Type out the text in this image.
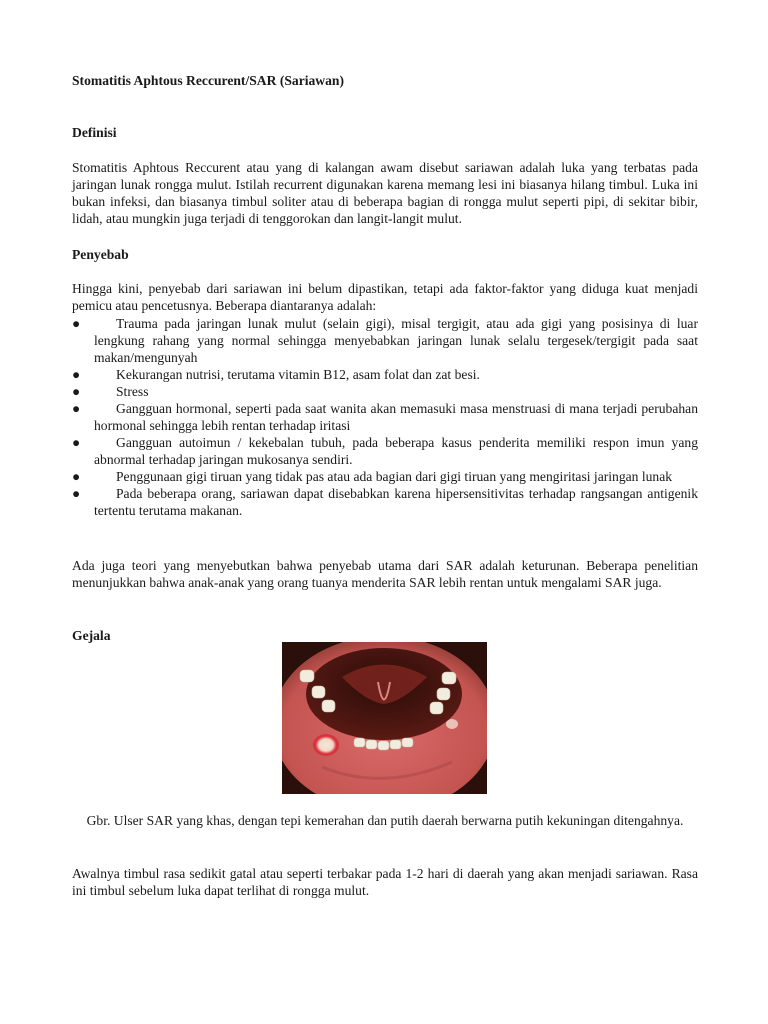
Stomatitis Aphtous Reccurent/SAR (Sariawan)
Definisi
Stomatitis Aphtous Reccurent atau yang di kalangan awam disebut sariawan adalah luka yang terbatas pada jaringan lunak rongga mulut. Istilah recurrent digunakan karena memang lesi ini biasanya hilang timbul. Luka ini bukan infeksi, dan biasanya timbul soliter atau di beberapa bagian di rongga mulut seperti pipi, di sekitar bibir, lidah, atau mungkin juga terjadi di tenggorokan dan langit-langit mulut.
Penyebab
Hingga kini, penyebab dari sariawan ini belum dipastikan, tetapi ada faktor-faktor yang diduga kuat menjadi pemicu atau pencetusnya. Beberapa diantaranya adalah:
●	Trauma pada jaringan lunak mulut (selain gigi), misal tergigit, atau ada gigi yang posisinya di luar lengkung rahang yang normal sehingga menyebabkan jaringan lunak selalu tergesek/tergigit pada saat makan/mengunyah
●	Kekurangan nutrisi, terutama vitamin B12, asam folat dan zat besi.
●	Stress
●	Gangguan hormonal, seperti pada saat wanita akan memasuki masa menstruasi di mana terjadi perubahan hormonal sehingga lebih rentan terhadap iritasi
●	Gangguan autoimun / kekebalan tubuh, pada beberapa kasus penderita memiliki respon imun yang abnormal terhadap jaringan mukosanya sendiri.
●	Penggunaan gigi tiruan yang tidak pas atau ada bagian dari gigi tiruan yang mengiritasi jaringan lunak
●	Pada beberapa orang, sariawan dapat disebabkan karena hipersensitivitas terhadap rangsangan antigenik tertentu terutama makanan.
Ada juga teori yang menyebutkan bahwa penyebab utama dari SAR adalah keturunan. Beberapa penelitian menunjukkan bahwa anak-anak yang orang tuanya menderita SAR lebih rentan untuk mengalami SAR juga.
Gejala
Gbr. Ulser SAR yang khas, dengan tepi kemerahan dan putih daerah berwarna putih kekuningan ditengahnya.
Awalnya timbul rasa sedikit gatal atau seperti terbakar pada 1-2 hari di daerah yang akan menjadi sariawan. Rasa ini timbul sebelum luka dapat terlihat di rongga mulut.
